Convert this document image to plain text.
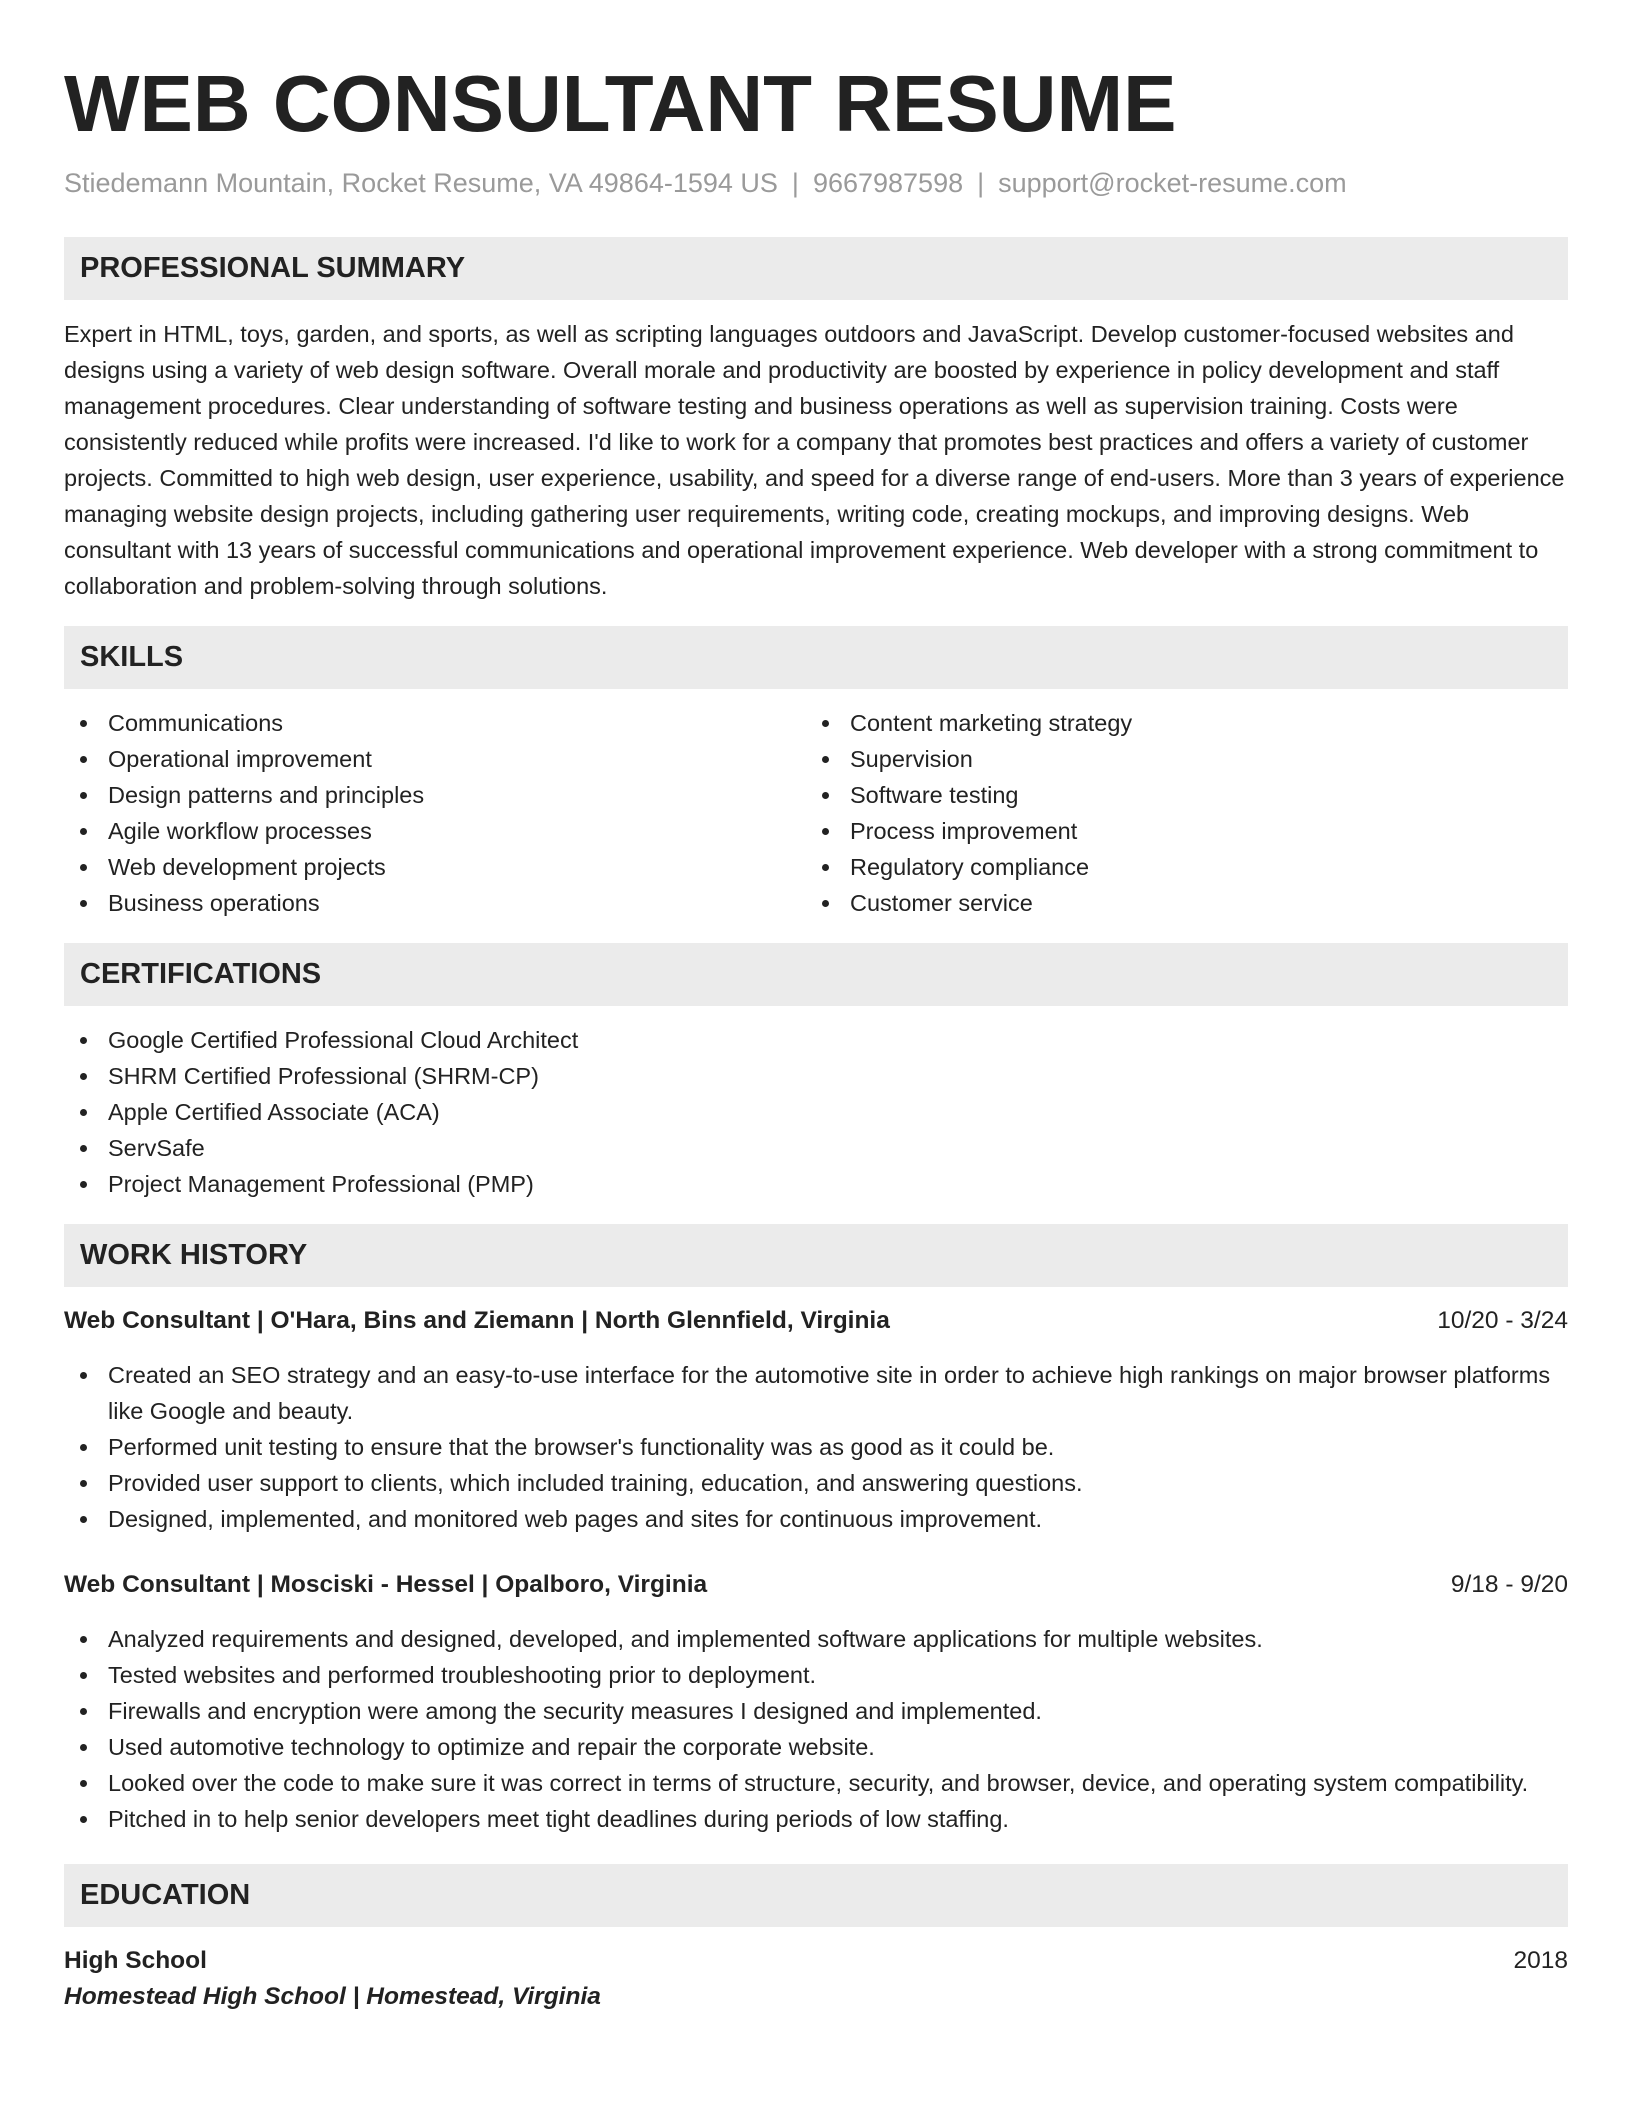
WEB CONSULTANT RESUME
Stiedemann Mountain, Rocket Resume, VA 49864-1594 US | 9667987598 | support@rocket-resume.com
PROFESSIONAL SUMMARY
Expert in HTML, toys, garden, and sports, as well as scripting languages outdoors and JavaScript. Develop customer-focused websites and designs using a variety of web design software. Overall morale and productivity are boosted by experience in policy development and staff management procedures. Clear understanding of software testing and business operations as well as supervision training. Costs were consistently reduced while profits were increased. I'd like to work for a company that promotes best practices and offers a variety of customer projects. Committed to high web design, user experience, usability, and speed for a diverse range of end-users. More than 3 years of experience managing website design projects, including gathering user requirements, writing code, creating mockups, and improving designs. Web consultant with 13 years of successful communications and operational improvement experience. Web developer with a strong commitment to collaboration and problem-solving through solutions.
SKILLS
Communications
Operational improvement
Design patterns and principles
Agile workflow processes
Web development projects
Business operations
Content marketing strategy
Supervision
Software testing
Process improvement
Regulatory compliance
Customer service
CERTIFICATIONS
Google Certified Professional Cloud Architect
SHRM Certified Professional (SHRM-CP)
Apple Certified Associate (ACA)
ServSafe
Project Management Professional (PMP)
WORK HISTORY
Web Consultant | O'Hara, Bins and Ziemann | North Glennfield, Virginia	10/20 - 3/24
Created an SEO strategy and an easy-to-use interface for the automotive site in order to achieve high rankings on major browser platforms like Google and beauty.
Performed unit testing to ensure that the browser's functionality was as good as it could be.
Provided user support to clients, which included training, education, and answering questions.
Designed, implemented, and monitored web pages and sites for continuous improvement.
Web Consultant | Mosciski - Hessel | Opalboro, Virginia	9/18 - 9/20
Analyzed requirements and designed, developed, and implemented software applications for multiple websites.
Tested websites and performed troubleshooting prior to deployment.
Firewalls and encryption were among the security measures I designed and implemented.
Used automotive technology to optimize and repair the corporate website.
Looked over the code to make sure it was correct in terms of structure, security, and browser, device, and operating system compatibility.
Pitched in to help senior developers meet tight deadlines during periods of low staffing.
EDUCATION
High School	2018
Homestead High School | Homestead, Virginia
